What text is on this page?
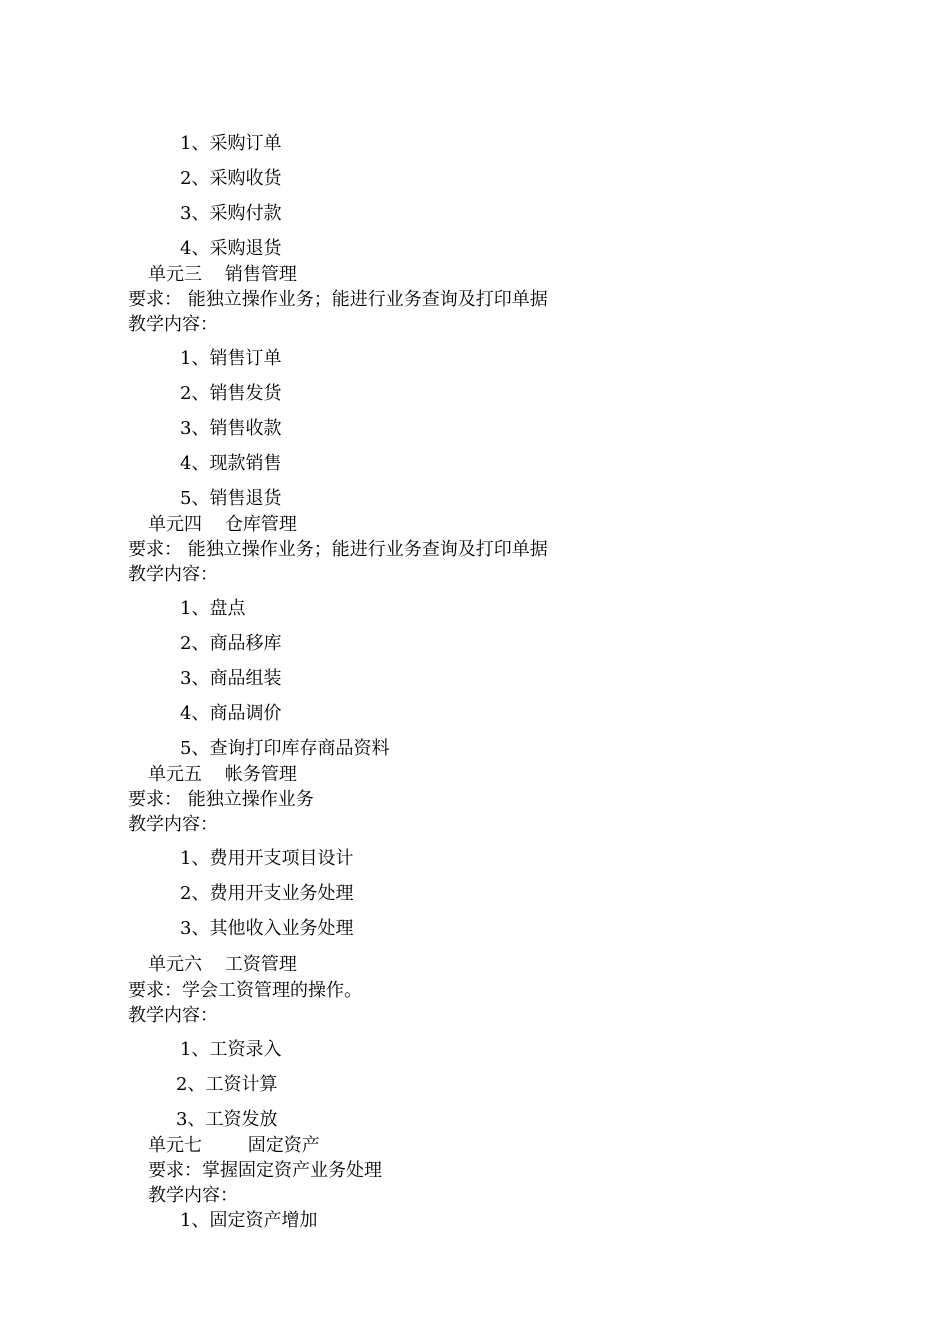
1、采购订单
2、采购收货
3、采购付款
4、采购退货
单元三    销售管理
要求： 能独立操作业务；能进行业务查询及打印单据
教学内容：
1、销售订单
2、销售发货
3、销售收款
4、现款销售
5、销售退货
单元四    仓库管理
要求： 能独立操作业务；能进行业务查询及打印单据
教学内容：
1、盘点
2、商品移库
3、商品组装
4、商品调价
5、查询打印库存商品资料
单元五    帐务管理
要求： 能独立操作业务
教学内容：
1、费用开支项目设计
2、费用开支业务处理
3、其他收入业务处理
单元六    工资管理
要求：学会工资管理的操作。
教学内容：
1、工资录入
2、工资计算
3、工资发放
单元七        固定资产
要求：掌握固定资产业务处理
教学内容：
1、固定资产增加
